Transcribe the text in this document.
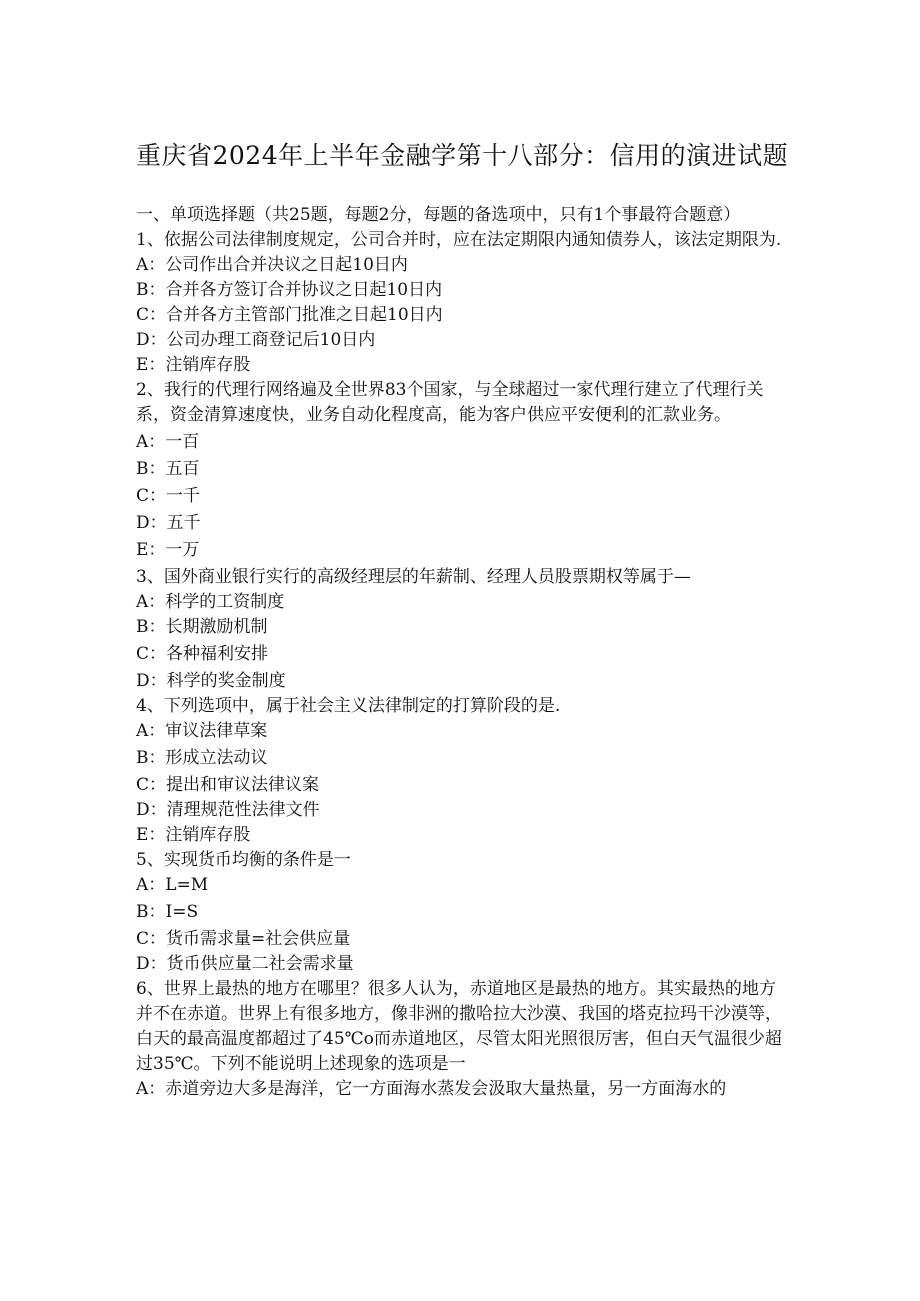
重庆省2024年上半年金融学第十八部分：信用的演进试题

一、单项选择题（共25题，每题2分，每题的备选项中，只有1个事最符合题意）

1、依据公司法律制度规定，公司合并时，应在法定期限内通知债券人，该法定期限为.

A：公司作出合并决议之日起10日内

B：合并各方签订合并协议之日起10日内

C：合并各方主管部门批准之日起10日内

D：公司办理工商登记后10日内

E：注销库存股

2、我行的代理行网络遍及全世界83个国家，与全球超过一家代理行建立了代理行关系，资金清算速度快，业务自动化程度高，能为客户供应平安便利的汇款业务。

A：一百

B：五百

C：一千

D：五千

E：一万

3、国外商业银行实行的高级经理层的年薪制、经理人员股票期权等属于—

A：科学的工资制度

B：长期激励机制

C：各种福利安排

D：科学的奖金制度

4、下列选项中，属于社会主义法律制定的打算阶段的是.

A：审议法律草案

B：形成立法动议

C：提出和审议法律议案

D：清理规范性法律文件

E：注销库存股

5、实现货币均衡的条件是一

A：L=M

B：I=S

C：货币需求量=社会供应量

D：货币供应量二社会需求量

6、世界上最热的地方在哪里？很多人认为，赤道地区是最热的地方。其实最热的地方并不在赤道。世界上有很多地方，像非洲的撒哈拉大沙漠、我国的塔克拉玛干沙漠等，白天的最高温度都超过了45℃o而赤道地区，尽管太阳光照很厉害，但白天气温很少超过35℃。下列不能说明上述现象的选项是一

A：赤道旁边大多是海洋，它一方面海水蒸发会汲取大量热量，另一方面海水的
